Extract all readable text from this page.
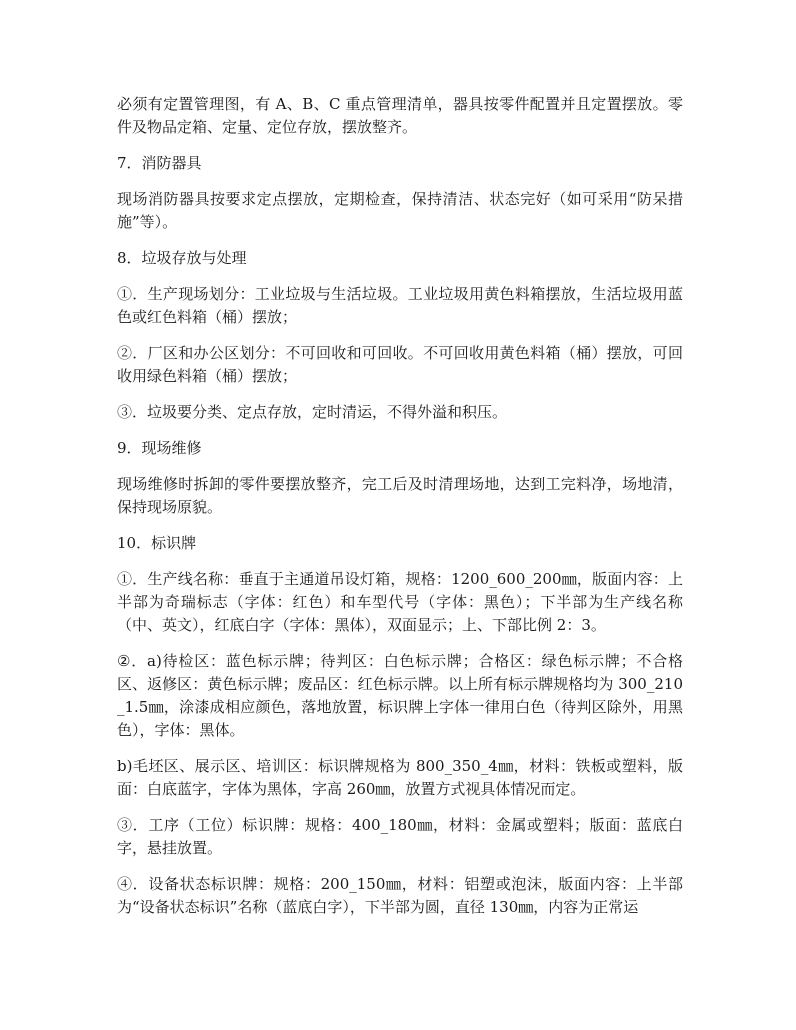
必须有定置管理图，有 A、B、C 重点管理清单，器具按零件配置并且定置摆放。零件及物品定箱、定量、定位存放，摆放整齐。

7．消防器具

现场消防器具按要求定点摆放，定期检查，保持清洁、状态完好（如可采用“防呆措施”等）。

8．垃圾存放与处理

①．生产现场划分：工业垃圾与生活垃圾。工业垃圾用黄色料箱摆放，生活垃圾用蓝色或红色料箱（桶）摆放；

②．厂区和办公区划分：不可回收和可回收。不可回收用黄色料箱（桶）摆放，可回收用绿色料箱（桶）摆放；

③．垃圾要分类、定点存放，定时清运，不得外溢和积压。

9．现场维修

现场维修时拆卸的零件要摆放整齐，完工后及时清理场地，达到工完料净，场地清，保持现场原貌。

10．标识牌

①．生产线名称：垂直于主通道吊设灯箱，规格：1200_600_200㎜，版面内容：上半部为奇瑞标志（字体：红色）和车型代号（字体：黑色）；下半部为生产线名称（中、英文），红底白字（字体：黑体），双面显示；上、下部比例 2：3。

②．a)待检区：蓝色标示牌；待判区：白色标示牌；合格区：绿色标示牌；不合格区、返修区：黄色标示牌；废品区：红色标示牌。以上所有标示牌规格均为 300_210_1.5㎜，涂漆成相应颜色，落地放置，标识牌上字体一律用白色（待判区除外，用黑色），字体：黑体。

b)毛坯区、展示区、培训区：标识牌规格为 800_350_4㎜，材料：铁板或塑料，版面：白底蓝字，字体为黑体，字高 260㎜，放置方式视具体情况而定。

③．工序（工位）标识牌：规格：400_180㎜，材料：金属或塑料；版面：蓝底白字，悬挂放置。

④．设备状态标识牌：规格：200_150㎜，材料：铝塑或泡沫，版面内容：上半部为“设备状态标识”名称（蓝底白字），下半部为圆，直径 130㎜，内容为正常运
